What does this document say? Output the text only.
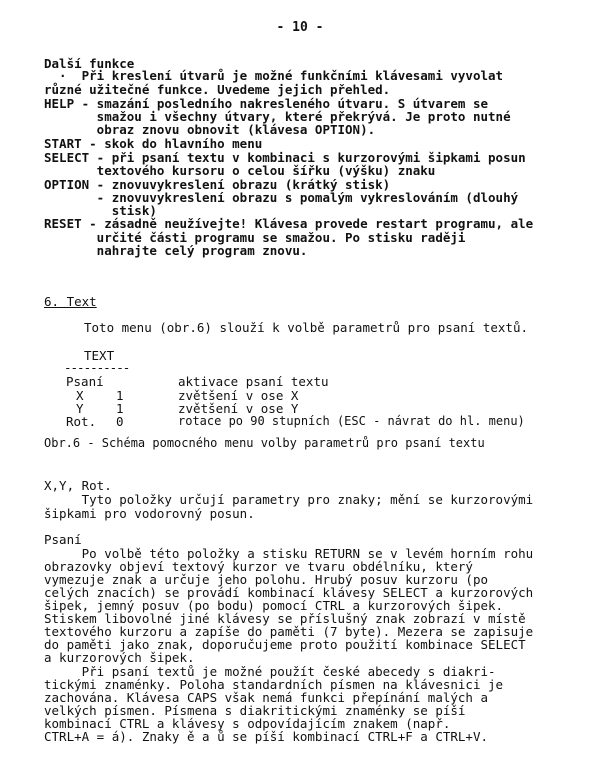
- 10 -
Další funkce
·  Při kreslení útvarů je možné funkčními klávesami vyvolat
různé užitečné funkce. Uvedeme jejich přehled.
HELP - smazání posledního nakresleného útvaru. S útvarem se
smažou i všechny útvary, které překrývá. Je proto nutné
obraz znovu obnovit (klávesa OPTION).
START - skok do hlavního menu
SELECT - při psaní textu v kombinaci s kurzorovými šipkami posun
textového kursoru o celou šířku (výšku) znaku
OPTION - znovuvykreslení obrazu (krátký stisk)
- znovuvykreslení obrazu s pomalým vykreslováním (dlouhý
stisk)
RESET - zásadně neužívejte! Klávesa provede restart programu, ale
určité části programu se smažou. Po stisku raději
nahrajte celý program znovu.
6. Text
Toto menu (obr.6) slouží k volbě parametrů pro psaní textů.
TEXT
----------
Psaní	aktivace psaní textu
X	1	zvětšení v ose X
Y	1	zvětšení v ose Y
Rot. 0	rotace po 90 stupních (ESC - návrat do hl. menu)
Obr.6 - Schéma pomocného menu volby parametrů pro psaní textu
X,Y, Rot.
Tyto položky určují parametry pro znaky; mění se kurzorovými
šipkami pro vodorovný posun.
Psaní
Po volbě této položky a stisku RETURN se v levém horním rohu
obrazovky objeví textový kurzor ve tvaru obdélníku, který
vymezuje znak a určuje jeho polohu. Hrubý posuv kurzoru (po
celých znacích) se provádí kombinací klávesy SELECT a kurzorových
šipek, jemný posuv (po bodu) pomocí CTRL a kurzorových šipek.
Stiskem libovolné jiné klávesy se příslušný znak zobrazí v místě
textového kurzoru a zapíše do paměti (7 byte). Mezera se zapisuje
do paměti jako znak, doporučujeme proto použití kombinace SELECT
a kurzorových šipek.
Při psaní textů je možné použít české abecedy s diakri-
tickými znaménky. Poloha standardních písmen na klávesnici je
zachována. Klávesa CAPS však nemá funkci přepínání malých a
velkých písmen. Písmena s diakritickými znaménky se píší
kombinací CTRL a klávesy s odpovídajícím znakem (např.
CTRL+A = á). Znaky ě a ů se píší kombinací CTRL+F a CTRL+V.
